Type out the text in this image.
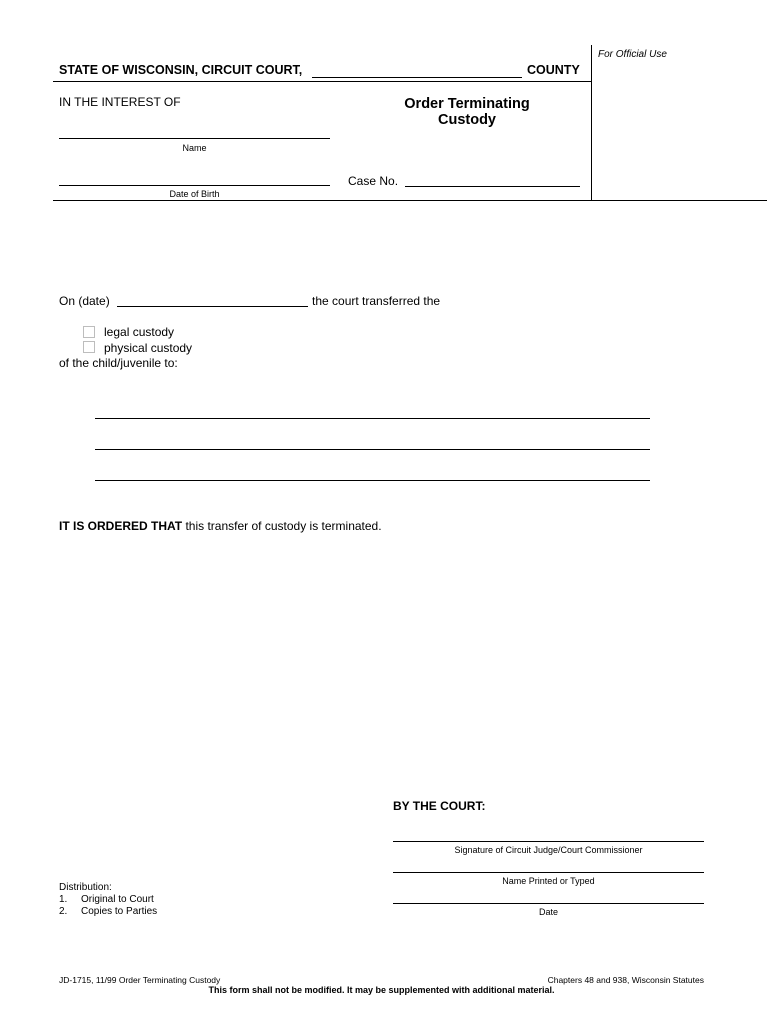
For Official Use
STATE OF WISCONSIN, CIRCUIT COURT,	COUNTY
IN THE INTEREST OF	Order Terminating
Custody
Name
Date of Birth
Case No.
On (date)	the court transferred the
legal custody
physical custody
of the child/juvenile to:
IT IS ORDERED THAT this transfer of custody is terminated.
BY THE COURT:
Signature of Circuit Judge/Court Commissioner
Name Printed or Typed
Date
Distribution:
1. Original to Court
2. Copies to Parties
JD-1715, 11/99 Order Terminating Custody	Chapters 48 and 938, Wisconsin Statutes
This form shall not be modified. It may be supplemented with additional material.
